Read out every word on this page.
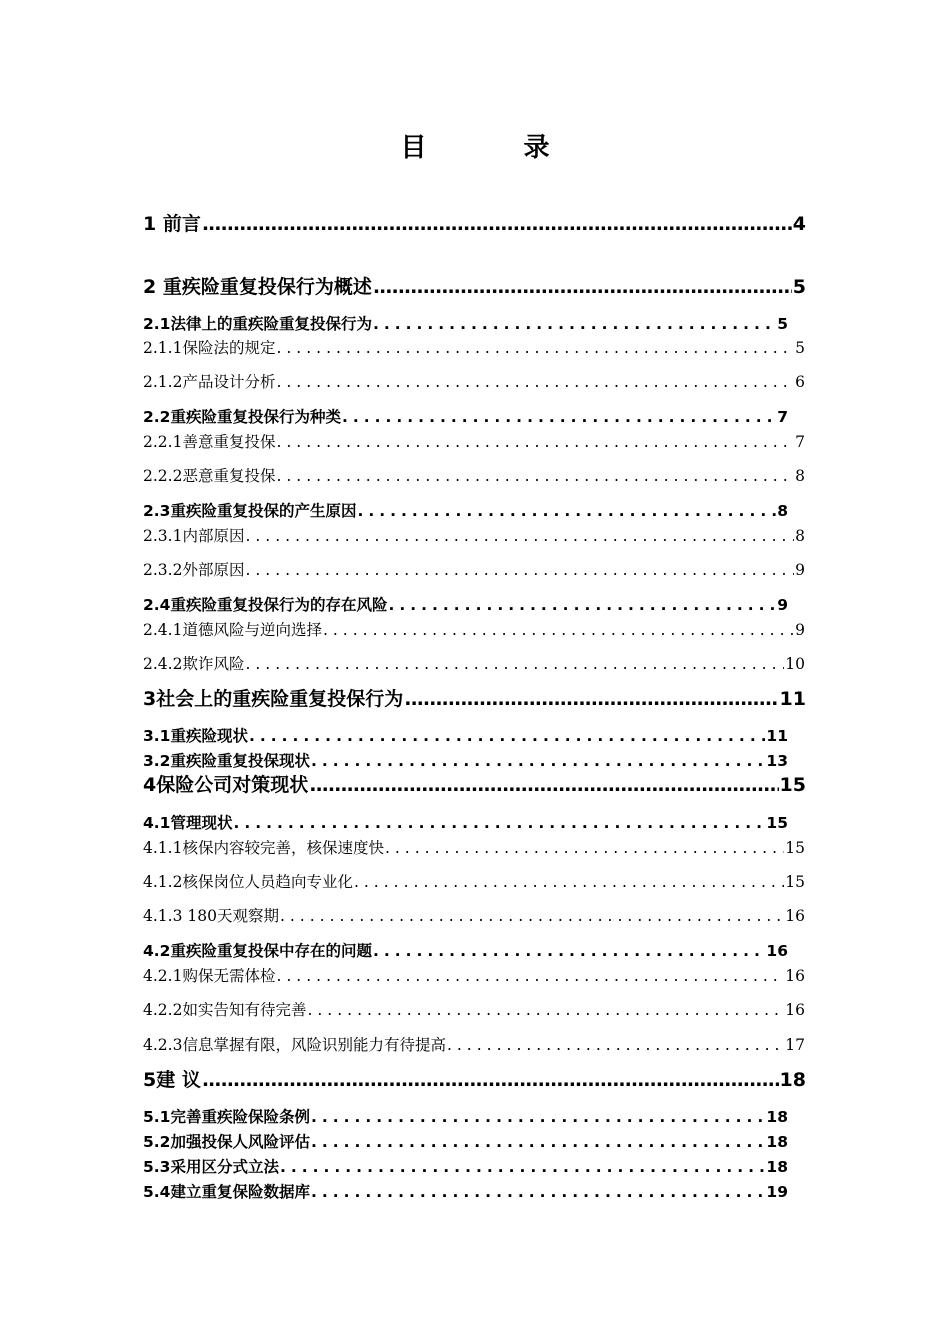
目 录
1 前言 .....	4
2 重疾险重复投保行为概述 .....	5
2.1法律上的重疾险重复投保行为 .....	5
2.1.1保险法的规定 .....	5
2.1.2产品设计分析 .....	6
2.2重疾险重复投保行为种类 .....	7
2.2.1善意重复投保 .....	7
2.2.2恶意重复投保 .....	8
2.3重疾险重复投保的产生原因 .....	8
2.3.1内部原因 .....	8
2.3.2外部原因 .....	9
2.4重疾险重复投保行为的存在风险 .....	9
2.4.1道德风险与逆向选择 .....	9
2.4.2欺诈风险 .....	10
3社会上的重疾险重复投保行为 .....	11
3.1重疾险现状 .....	11
3.2重疾险重复投保现状 .....	13
4保险公司对策现状 .....	15
4.1管理现状 .....	15
4.1.1核保内容较完善，核保速度快 .....	15
4.1.2核保岗位人员趋向专业化 .....	15
4.1.3 180天观察期 .....	16
4.2重疾险重复投保中存在的问题 .....	16
4.2.1购保无需体检 .....	16
4.2.2如实告知有待完善 .....	16
4.2.3信息掌握有限，风险识别能力有待提高 .....	17
5建 议 .....	18
5.1完善重疾险保险条例 .....	18
5.2加强投保人风险评估 .....	18
5.3采用区分式立法 .....	18
5.4建立重复保险数据库 .....	19
